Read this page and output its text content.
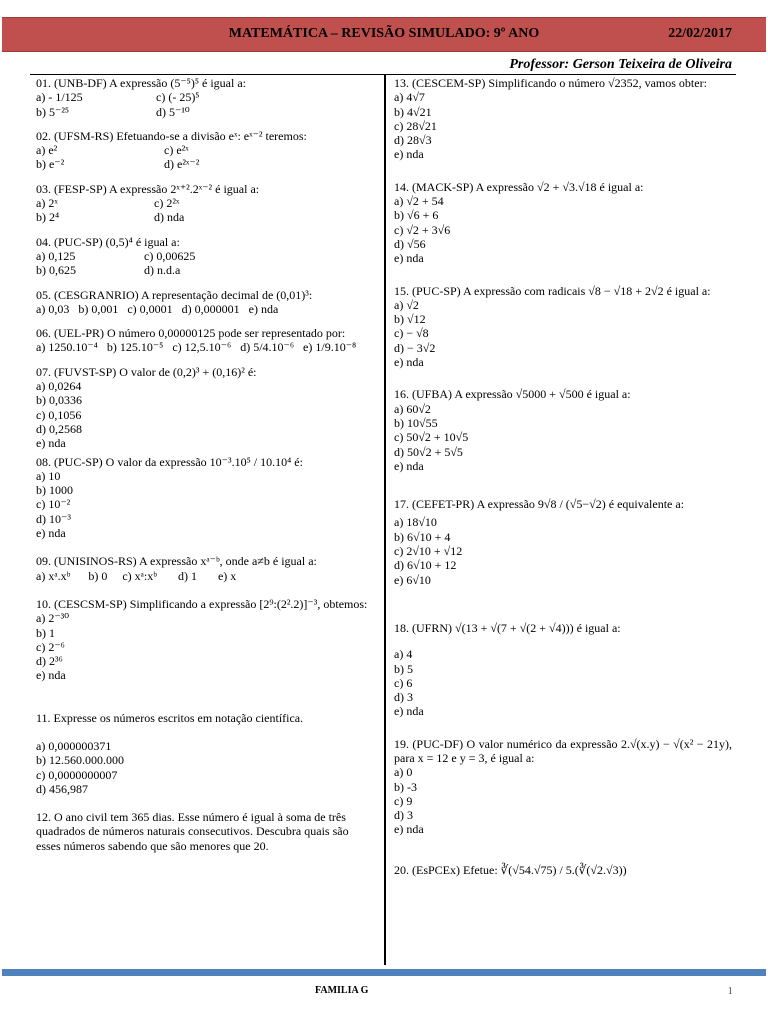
MATEMÁTICA – REVISÃO SIMULADO: 9º ANO	22/02/2017
Professor: Gerson Teixeira de Oliveira

01. (UNB-DF) A expressão (5⁻⁵)⁵ é igual a:

a) - 1/125	c) (- 25)⁵
b) 5⁻²⁵	d) 5⁻¹⁰

02. (UFSM-RS) Efetuando-se a divisão eˣ: eˣ⁻² teremos:

a) e²	c) e²ˣ
b) e⁻²	d) e²ˣ⁻²

03. (FESP-SP) A expressão 2ˣ⁺².2ˣ⁻² é igual a:

a) 2ˣ	c) 2²ˣ
b) 2⁴	d) nda

04. (PUC-SP) (0,5)⁴ é igual a:

a) 0,125	c) 0,00625
b) 0,625	d) n.d.a

05. (CESGRANRIO) A representação decimal de (0,01)³:

a) 0,03   b) 0,001   c) 0,0001   d) 0,000001   e) nda

06. (UEL-PR) O número 0,00000125 pode ser representado por:

a) 1250.10⁻⁴   b) 125.10⁻⁵   c) 12,5.10⁻⁶   d) 5/4.10⁻⁶   e) 1/9.10⁻⁸

07. (FUVST-SP) O valor de (0,2)³ + (0,16)² é:

a) 0,0264

b) 0,0336

c) 0,1056

d) 0,2568

e) nda

08. (PUC-SP) O valor da expressão 10⁻³.10⁵ / 10.10⁴ é:

a) 10

b) 1000

c) 10⁻²

d) 10⁻³

e) nda

09. (UNISINOS-RS) A expressão xᵃ⁻ᵇ, onde a≠b é igual a:

a) xᵃ.xᵇ      b) 0     c) xᵃ:xᵇ       d) 1       e) x

10. (CESCSM-SP) Simplificando a expressão [2⁹:(2².2)]⁻³, obtemos:

a) 2⁻³⁰

b) 1

c) 2⁻⁶

d) 2³⁶

e) nda

11. Expresse os números escritos em notação científica.

a) 0,000000371

b) 12.560.000.000

c) 0,0000000007

d) 456,987

12. O ano civil tem 365 dias. Esse número é igual à soma de três quadrados de números naturais consecutivos. Descubra quais são esses números sabendo que são menores que 20.

13. (CESCEM-SP) Simplificando o número √2352, vamos obter:

a) 4√7

b) 4√21

c) 28√21

d) 28√3

e) nda

14. (MACK-SP) A expressão √2 + √3.√18 é igual a:

a) √2 + 54

b) √6 + 6

c) √2 + 3√6

d) √56

e) nda

15. (PUC-SP) A expressão com radicais √8 − √18 + 2√2 é igual a:

a) √2

b) √12

c) − √8

d) − 3√2

e) nda

16. (UFBA) A expressão √5000 + √500 é igual a:

a) 60√2

b) 10√55

c) 50√2 + 10√5

d) 50√2 + 5√5

e) nda

17. (CEFET-PR) A expressão 9√8 / (√5−√2) é equivalente a:

a) 18√10

b) 6√10 + 4

c) 2√10 + √12

d) 6√10 + 12

e) 6√10

18. (UFRN) √(13 + √(7 + √(2 + √4))) é igual a:

a) 4

b) 5

c) 6

d) 3

e) nda

19. (PUC-DF) O valor numérico da expressão 2.√(x.y) − √(x² − 21y), para x = 12 e y = 3, é igual a:

a) 0

b) -3

c) 9

d) 3

e) nda

20. (EsPCEx) Efetue: ∛(√54.√75) / 5.(∛(√2.√3))

FAMILIA G	1
